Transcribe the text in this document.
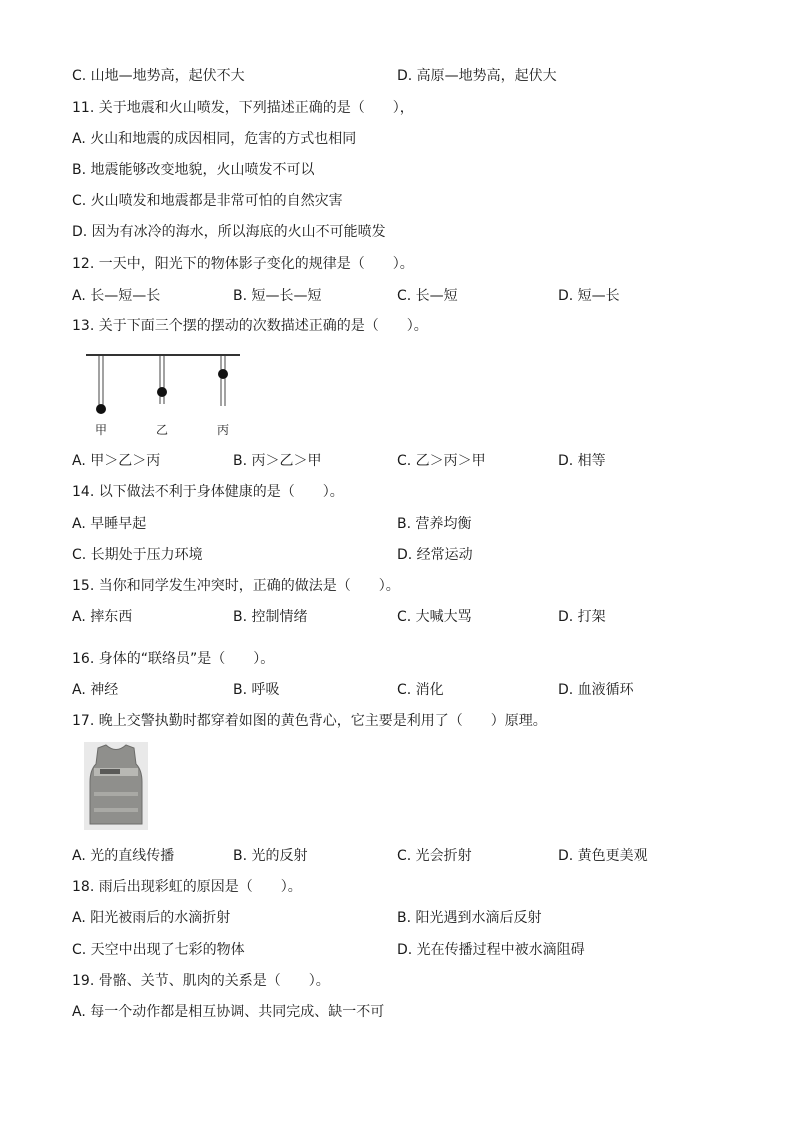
C. 山地—地势高，起伏不大	D. 高原—地势高，起伏大
11. 关于地震和火山喷发，下列描述正确的是（　　），
A. 火山和地震的成因相同，危害的方式也相同
B. 地震能够改变地貌，火山喷发不可以
C. 火山喷发和地震都是非常可怕的自然灾害
D. 因为有冰冷的海水，所以海底的火山不可能喷发
12. 一天中，阳光下的物体影子变化的规律是（　　）。
A. 长—短—长	B. 短—长—短	C. 长—短	D. 短—长
13. 关于下面三个摆的摆动的次数描述正确的是（　　）。
甲	乙	丙
A. 甲＞乙＞丙	B. 丙＞乙＞甲	C. 乙＞丙＞甲	D. 相等
14. 以下做法不利于身体健康的是（　　）。
A. 早睡早起	B. 营养均衡
C. 长期处于压力环境	D. 经常运动
15. 当你和同学发生冲突时，正确的做法是（　　）。
A. 摔东西	B. 控制情绪	C. 大喊大骂	D. 打架
16. 身体的“联络员”是（　　）。
A. 神经	B. 呼吸	C. 消化	D. 血液循环
17. 晚上交警执勤时都穿着如图的黄色背心，它主要是利用了（　　）原理。
A. 光的直线传播	B. 光的反射	C. 光会折射	D. 黄色更美观
18. 雨后出现彩虹的原因是（　　）。
A. 阳光被雨后的水滴折射	B. 阳光遇到水滴后反射
C. 天空中出现了七彩的物体	D. 光在传播过程中被水滴阻碍
19. 骨骼、关节、肌肉的关系是（　　）。
A. 每一个动作都是相互协调、共同完成、缺一不可
